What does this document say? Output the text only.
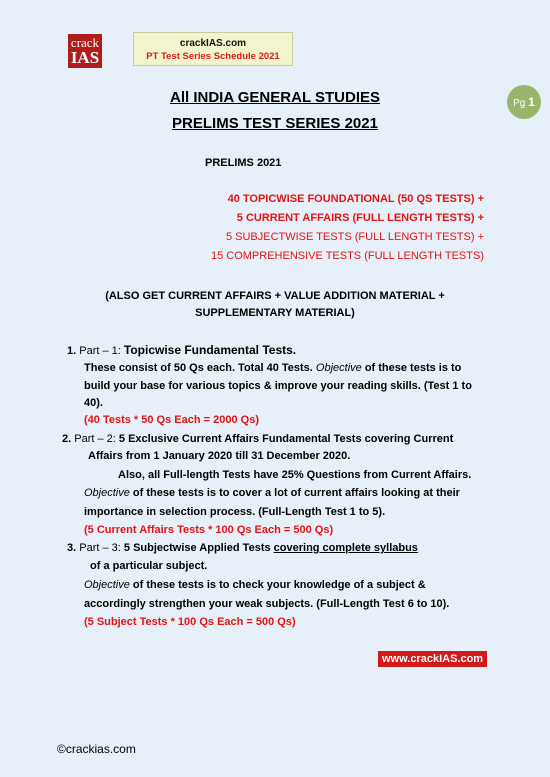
crack
IAS
crackIAS.com
PT Test Series Schedule 2021
Pg 1
All INDIA GENERAL STUDIES
PRELIMS TEST SERIES 2021
PRELIMS 2021
40 TOPICWISE FOUNDATIONAL (50 QS TESTS) +
5 CURRENT AFFAIRS (FULL LENGTH TESTS) +
5 SUBJECTWISE TESTS (FULL LENGTH TESTS) +
15 COMPREHENSIVE TESTS (FULL LENGTH TESTS)
(ALSO GET CURRENT AFFAIRS + VALUE ADDITION MATERIAL +
SUPPLEMENTARY MATERIAL)
1. Part – 1: Topicwise Fundamental Tests.
These consist of 50 Qs each. Total 40 Tests. Objective of these tests is to
build your base for various topics & improve your reading skills. (Test 1 to
40).
(40 Tests * 50 Qs Each = 2000 Qs)
2. Part – 2: 5 Exclusive Current Affairs Fundamental Tests covering Current
Affairs from 1 January 2020 till 31 December 2020.
Also, all Full-length Tests have 25% Questions from Current Affairs.
Objective of these tests is to cover a lot of current affairs looking at their
importance in selection process. (Full-Length Test 1 to 5).
(5 Current Affairs Tests * 100 Qs Each = 500 Qs)
3. Part – 3: 5 Subjectwise Applied Tests covering complete syllabus
of a particular subject.
Objective of these tests is to check your knowledge of a subject &
accordingly strengthen your weak subjects. (Full-Length Test 6 to 10).
(5 Subject Tests * 100 Qs Each = 500 Qs)
www.crackIAS.com
©crackias.com
